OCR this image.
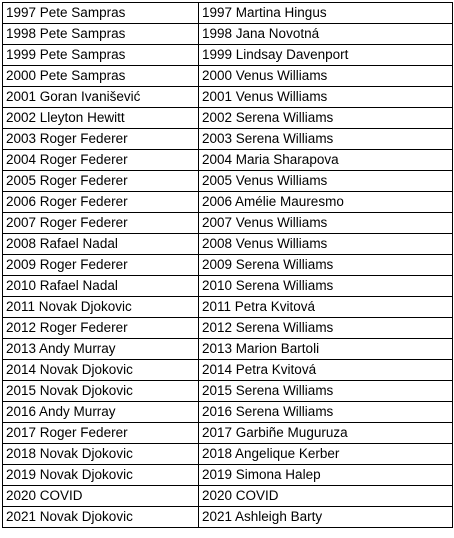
1997 Pete Sampras	1997 Martina Hingus
1998 Pete Sampras	1998 Jana Novotná
1999 Pete Sampras	1999 Lindsay Davenport
2000 Pete Sampras	2000 Venus Williams
2001 Goran Ivanišević	2001 Venus Williams
2002 Lleyton Hewitt	2002 Serena Williams
2003 Roger Federer	2003 Serena Williams
2004 Roger Federer	2004 Maria Sharapova
2005 Roger Federer	2005 Venus Williams
2006 Roger Federer	2006 Amélie Mauresmo
2007 Roger Federer	2007 Venus Williams
2008 Rafael Nadal	2008 Venus Williams
2009 Roger Federer	2009 Serena Williams
2010 Rafael Nadal	2010 Serena Williams
2011 Novak Djokovic	2011 Petra Kvitová
2012 Roger Federer	2012 Serena Williams
2013 Andy Murray	2013 Marion Bartoli
2014 Novak Djokovic	2014 Petra Kvitová
2015 Novak Djokovic	2015 Serena Williams
2016 Andy Murray	2016 Serena Williams
2017 Roger Federer	2017 Garbiñe Muguruza
2018 Novak Djokovic	2018 Angelique Kerber
2019 Novak Djokovic	2019 Simona Halep
2020 COVID	2020 COVID
2021 Novak Djokovic	2021 Ashleigh Barty
